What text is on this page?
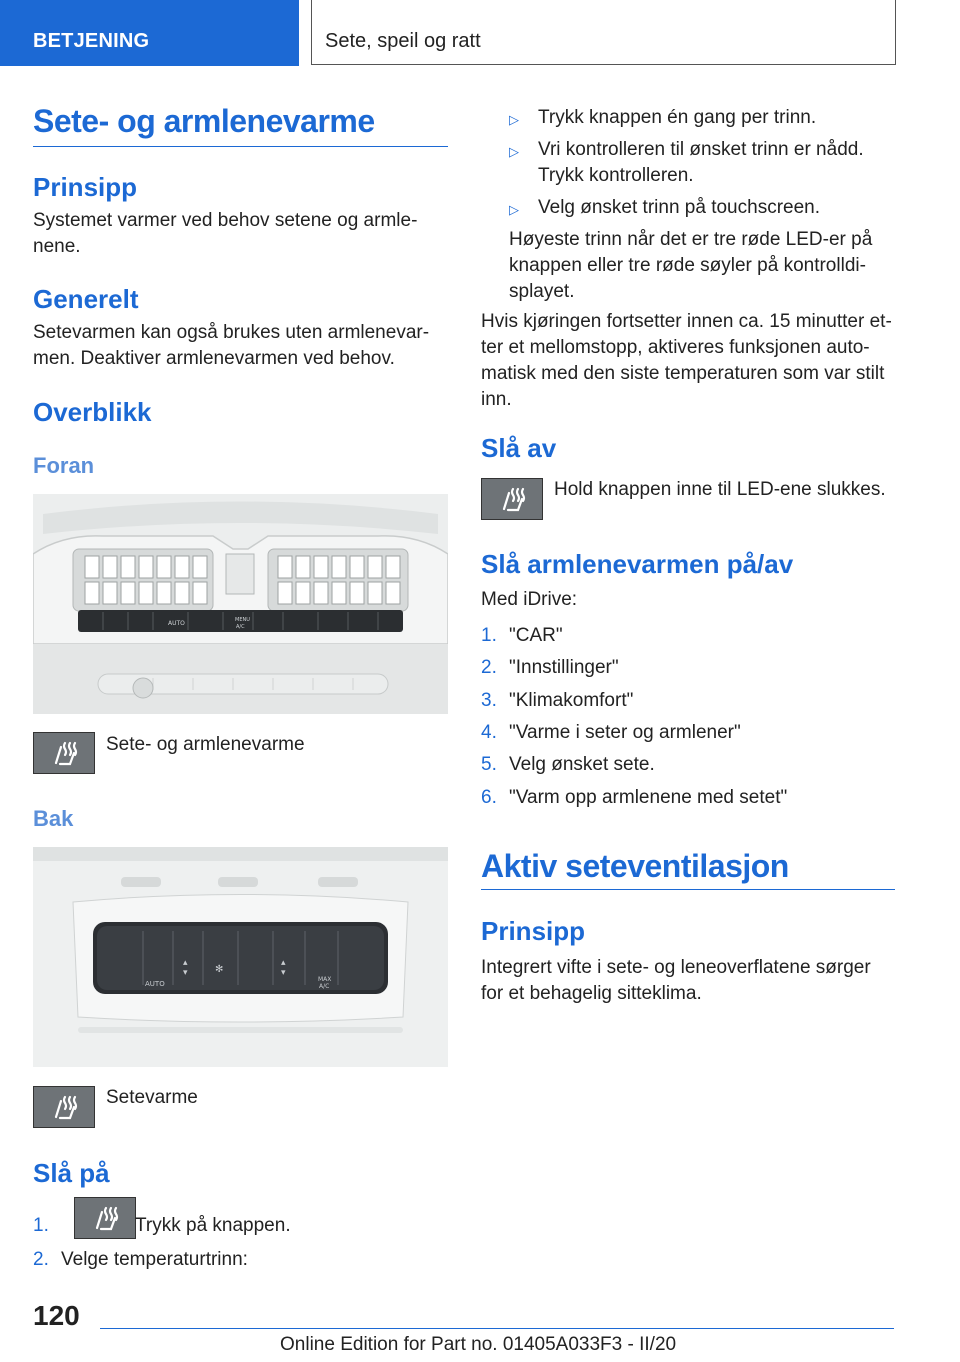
BETJENING	Sete, speil og ratt
Sete- og armlenevarme
Prinsipp

Systemet varmer ved behov setene og armle-

nene.

Generelt

Setevarmen kan også brukes uten armlenevar-

men. Deaktiver armlenevarmen ved behov.

Overblikk
Foran
AUTO	MENU
A/C

Sete- og armlenevarme

Bak
AUTO
MAX
A/C
▴
▾
▴
▾
✻

Setevarme

Slå på
1.	Trykk på knappen.
2. Velge temperaturtrinn:
▷ Trykk knappen én gang per trinn.
▷ Vri kontrolleren til ønsket trinn er nådd.
Trykk kontrolleren.
▷ Velg ønsket trinn på touchscreen.

Høyeste trinn når det er tre røde LED-er på

knappen eller tre røde søyler på kontrolldi-

splayet.

Hvis kjøringen fortsetter innen ca. 15 minutter et-

ter et mellomstopp, aktiveres funksjonen auto-

matisk med den siste temperaturen som var stilt

inn.

Slå av

Hold knappen inne til LED-ene slukkes.

Slå armlenevarmen på/av

Med iDrive:

1. "CAR"
2. "Innstillinger"
3. "Klimakomfort"
4. "Varme i seter og armlener"
5. Velg ønsket sete.
6. "Varm opp armlenene med setet"
Aktiv seteventilasjon
Prinsipp

Integrert vifte i sete- og leneoverflatene sørger

for et behagelig sitteklima.

120
Online Edition for Part no. 01405A033F3 - II/20
